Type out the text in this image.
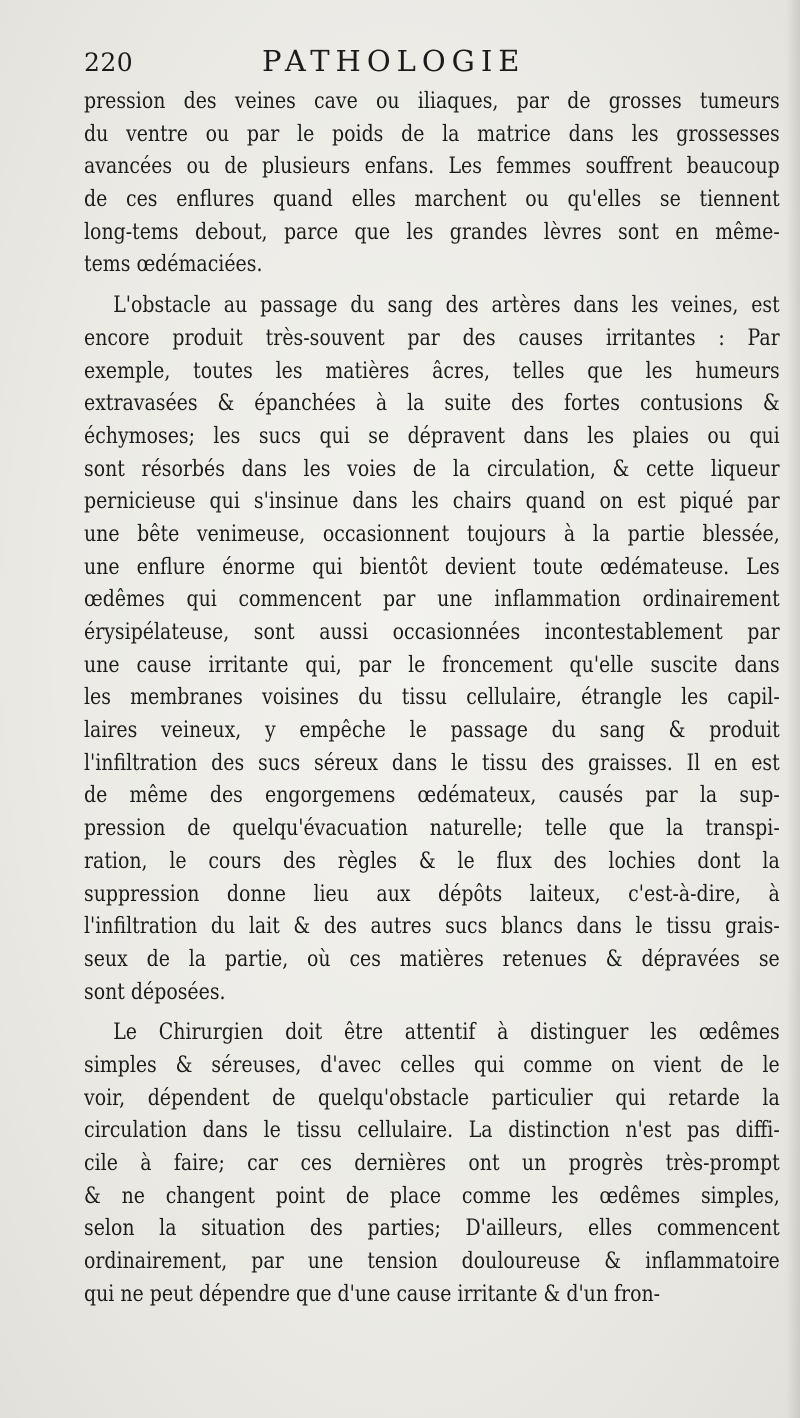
220	PATHOLOGIE
pression des veines cave ou iliaques, par de grosses tumeurs
du ventre ou par le poids de la matrice dans les grossesses
avancées ou de plusieurs enfans. Les femmes souffrent beaucoup
de ces enflures quand elles marchent ou qu'elles se tiennent
long-tems debout, parce que les grandes lèvres sont en même-
tems œdémaciées.
L'obstacle au passage du sang des artères dans les veines, est
encore produit très-souvent par des causes irritantes : Par
exemple, toutes les matières âcres, telles que les humeurs
extravasées & épanchées à la suite des fortes contusions &
échymoses; les sucs qui se dépravent dans les plaies ou qui
sont résorbés dans les voies de la circulation, & cette liqueur
pernicieuse qui s'insinue dans les chairs quand on est piqué par
une bête venimeuse, occasionnent toujours à la partie blessée,
une enflure énorme qui bientôt devient toute œdémateuse. Les
œdêmes qui commencent par une inflammation ordinairement
érysipélateuse, sont aussi occasionnées incontestablement par
une cause irritante qui, par le froncement qu'elle suscite dans
les membranes voisines du tissu cellulaire, étrangle les capil-
laires veineux, y empêche le passage du sang & produit
l'infiltration des sucs séreux dans le tissu des graisses. Il en est
de même des engorgemens œdémateux, causés par la sup-
pression de quelqu'évacuation naturelle; telle que la transpi-
ration, le cours des règles & le flux des lochies dont la
suppression donne lieu aux dépôts laiteux, c'est-à-dire, à
l'infiltration du lait & des autres sucs blancs dans le tissu grais-
seux de la partie, où ces matières retenues & dépravées se
sont déposées.
Le Chirurgien doit être attentif à distinguer les œdêmes
simples & séreuses, d'avec celles qui comme on vient de le
voir, dépendent de quelqu'obstacle particulier qui retarde la
circulation dans le tissu cellulaire. La distinction n'est pas diffi-
cile à faire; car ces dernières ont un progrès très-prompt
& ne changent point de place comme les œdêmes simples,
selon la situation des parties; D'ailleurs, elles commencent
ordinairement, par une tension douloureuse & inflammatoire
qui ne peut dépendre que d'une cause irritante & d'un fron-
